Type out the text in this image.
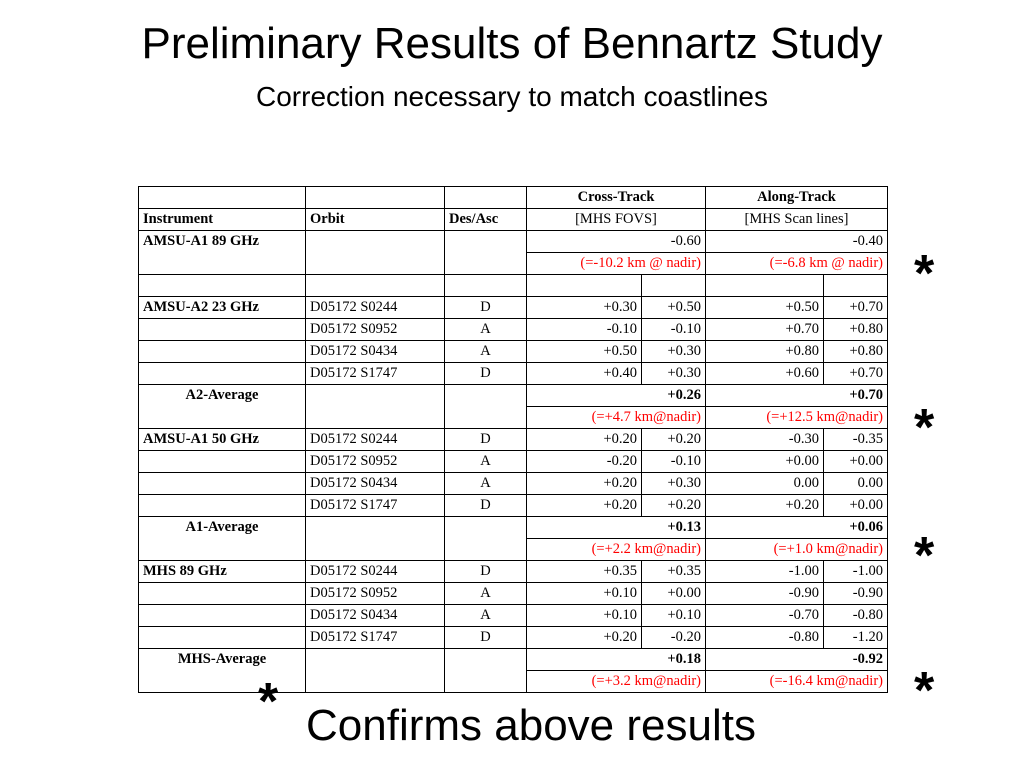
Preliminary Results of Bennartz Study
Correction necessary to match coastlines
			Cross-Track		Along-Track	
Instrument	Orbit	Des/Asc	[MHS FOVS]		[MHS Scan lines]	
AMSU-A1 89 GHz			-0.60		-0.40	
			(=-10.2 km @ nadir)		(=-6.8 km @ nadir)	

AMSU-A2 23 GHz	D05172 S0244	D	+0.30	+0.50	+0.50	+0.70
	D05172 S0952	A	-0.10	-0.10	+0.70	+0.80
	D05172 S0434	A	+0.50	+0.30	+0.80	+0.80
	D05172 S1747	D	+0.40	+0.30	+0.60	+0.70
A2-Average			+0.26		+0.70	
			(=+4.7 km@nadir)		(=+12.5 km@nadir)	
AMSU-A1 50 GHz	D05172 S0244	D	+0.20	+0.20	-0.30	-0.35
	D05172 S0952	A	-0.20	-0.10	+0.00	+0.00
	D05172 S0434	A	+0.20	+0.30	0.00	0.00
	D05172 S1747	D	+0.20	+0.20	+0.20	+0.00
A1-Average			+0.13		+0.06	
			(=+2.2 km@nadir)		(=+1.0 km@nadir)	
MHS 89 GHz	D05172 S0244	D	+0.35	+0.35	-1.00	-1.00
	D05172 S0952	A	+0.10	+0.00	-0.90	-0.90
	D05172 S0434	A	+0.10	+0.10	-0.70	-0.80
	D05172 S1747	D	+0.20	-0.20	-0.80	-1.20
MHS-Average			+0.18		-0.92	
			(=+3.2 km@nadir)		(=-16.4 km@nadir)	
*
*
*
*
* Confirms above results
